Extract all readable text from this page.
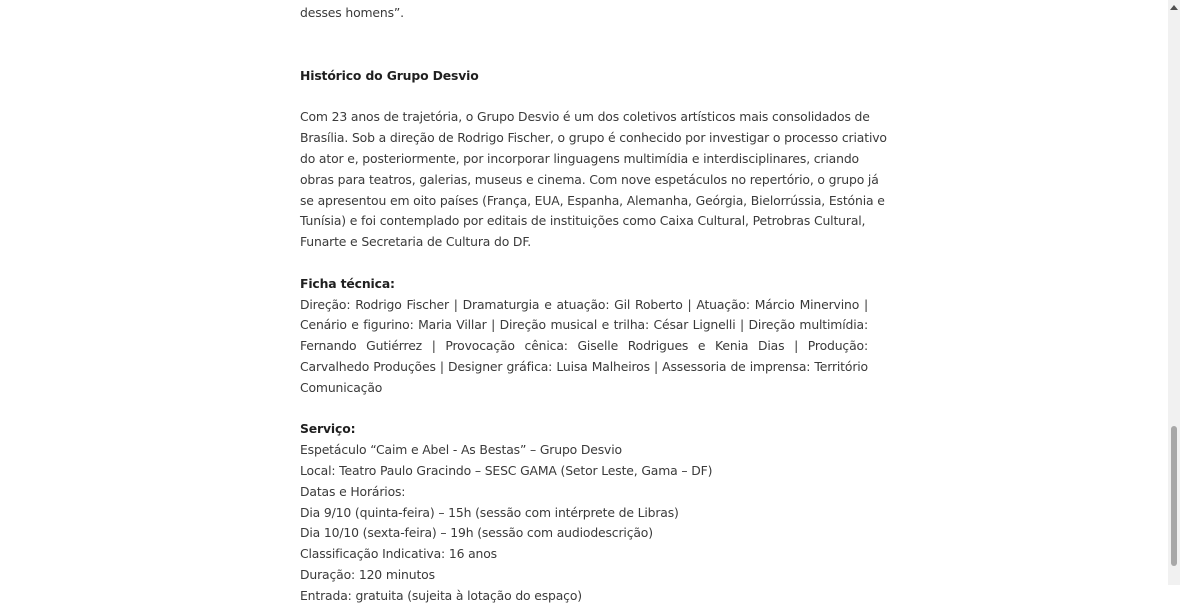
desses homens”.

Histórico do Grupo Desvio

Com 23 anos de trajetória, o Grupo Desvio é um dos coletivos artísticos mais consolidados de
Brasília. Sob a direção de Rodrigo Fischer, o grupo é conhecido por investigar o processo criativo
do ator e, posteriormente, por incorporar linguagens multimídia e interdisciplinares, criando
obras para teatros, galerias, museus e cinema. Com nove espetáculos no repertório, o grupo já
se apresentou em oito países (França, EUA, Espanha, Alemanha, Geórgia, Bielorrússia, Estónia e
Tunísia) e foi contemplado por editais de instituições como Caixa Cultural, Petrobras Cultural,
Funarte e Secretaria de Cultura do DF.

Ficha técnica:

Direção: Rodrigo Fischer | Dramaturgia e atuação: Gil Roberto | Atuação: Márcio Minervino | Cenário e figurino: Maria Villar | Direção musical e trilha: César Lignelli | Direção multimídia: Fernando Gutiérrez | Provocação cênica: Giselle Rodrigues e Kenia Dias | Produção: Carvalhedo Produções | Designer gráfica: Luisa Malheiros | Assessoria de imprensa: Território Comunicação

Serviço:

Espetáculo “Caim e Abel - As Bestas” – Grupo Desvio
Local: Teatro Paulo Gracindo – SESC GAMA (Setor Leste, Gama – DF)
Datas e Horários:
Dia 9/10 (quinta-feira) – 15h (sessão com intérprete de Libras)
Dia 10/10 (sexta-feira) – 19h (sessão com audiodescrição)
Classificação Indicativa: 16 anos
Duração: 120 minutos
Entrada: gratuita (sujeita à lotação do espaço)
